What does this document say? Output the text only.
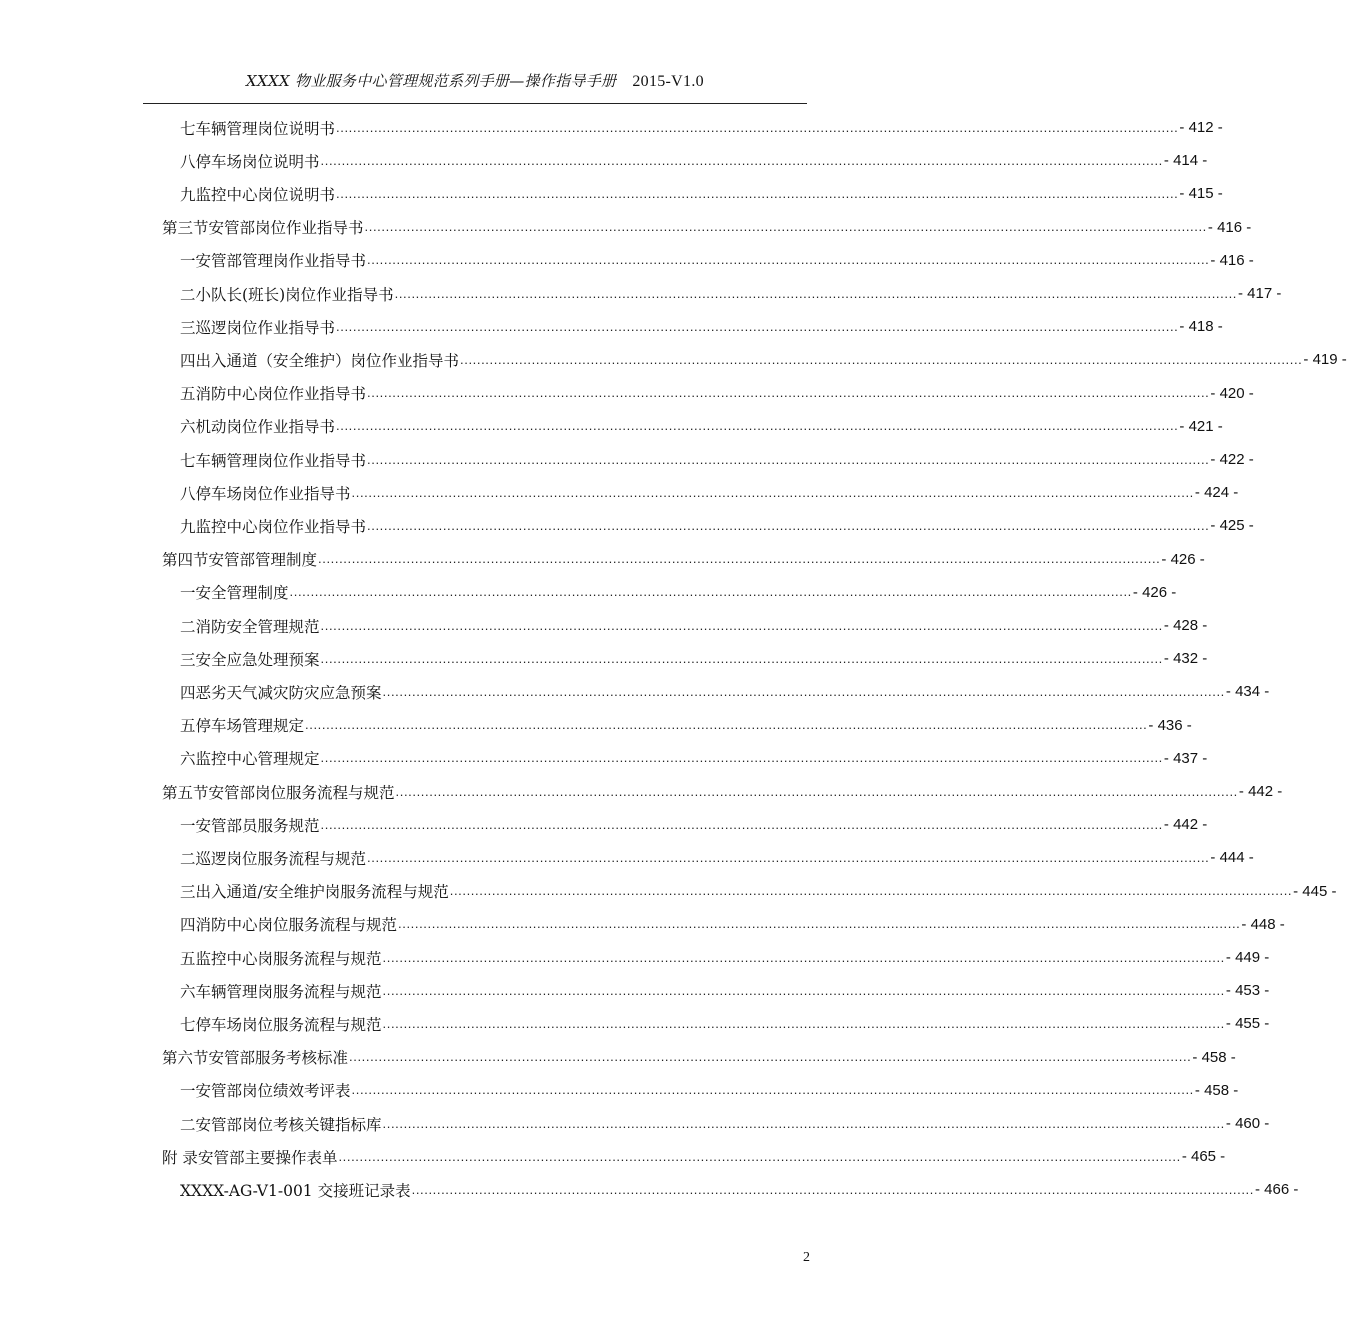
XXXX 物业服务中心管理规范系列手册—操作指导手册 2015-V1.0
七 车辆管理岗位说明书 ........................................................................................................................................................................................................ - 412 -
八 停车场岗位说明书 ........................................................................................................................................................................................................ - 414 -
九 监控中心岗位说明书 ........................................................................................................................................................................................................ - 415 -
第三节 安管部岗位作业指导书 ........................................................................................................................................................................................................ - 416 -
一 安管部管理岗作业指导书 ........................................................................................................................................................................................................ - 416 -
二 小队长(班长)岗位作业指导书 ........................................................................................................................................................................................................ - 417 -
三 巡逻岗位作业指导书 ........................................................................................................................................................................................................ - 418 -
四 出入通道（安全维护）岗位作业指导书 ........................................................................................................................................................................................................ - 419 -
五 消防中心岗位作业指导书 ........................................................................................................................................................................................................ - 420 -
六 机动岗位作业指导书 ........................................................................................................................................................................................................ - 421 -
七 车辆管理岗位作业指导书 ........................................................................................................................................................................................................ - 422 -
八 停车场岗位作业指导书 ........................................................................................................................................................................................................ - 424 -
九 监控中心岗位作业指导书 ........................................................................................................................................................................................................ - 425 -
第四节 安管部管理制度 ........................................................................................................................................................................................................ - 426 -
一 安全管理制度 ........................................................................................................................................................................................................ - 426 -
二 消防安全管理规范 ........................................................................................................................................................................................................ - 428 -
三 安全应急处理预案 ........................................................................................................................................................................................................ - 432 -
四 恶劣天气减灾防灾应急预案 ........................................................................................................................................................................................................ - 434 -
五 停车场管理规定 ........................................................................................................................................................................................................ - 436 -
六 监控中心管理规定 ........................................................................................................................................................................................................ - 437 -
第五节 安管部岗位服务流程与规范 ........................................................................................................................................................................................................ - 442 -
一 安管部员服务规范 ........................................................................................................................................................................................................ - 442 -
二 巡逻岗位服务流程与规范 ........................................................................................................................................................................................................ - 444 -
三 出入通道/安全维护岗服务流程与规范 ........................................................................................................................................................................................................ - 445 -
四 消防中心岗位服务流程与规范 ........................................................................................................................................................................................................ - 448 -
五 监控中心岗服务流程与规范 ........................................................................................................................................................................................................ - 449 -
六 车辆管理岗服务流程与规范 ........................................................................................................................................................................................................ - 453 -
七 停车场岗位服务流程与规范 ........................................................................................................................................................................................................ - 455 -
第六节 安管部服务考核标准 ........................................................................................................................................................................................................ - 458 -
一 安管部岗位绩效考评表 ........................................................................................................................................................................................................ - 458 -
二 安管部岗位考核关键指标库 ........................................................................................................................................................................................................ - 460 -
附 录 安管部主要操作表单 ........................................................................................................................................................................................................ - 465 -
XXXX-AG-V1-001 交接班记录表 ........................................................................................................................................................................................................ - 466 -
2
